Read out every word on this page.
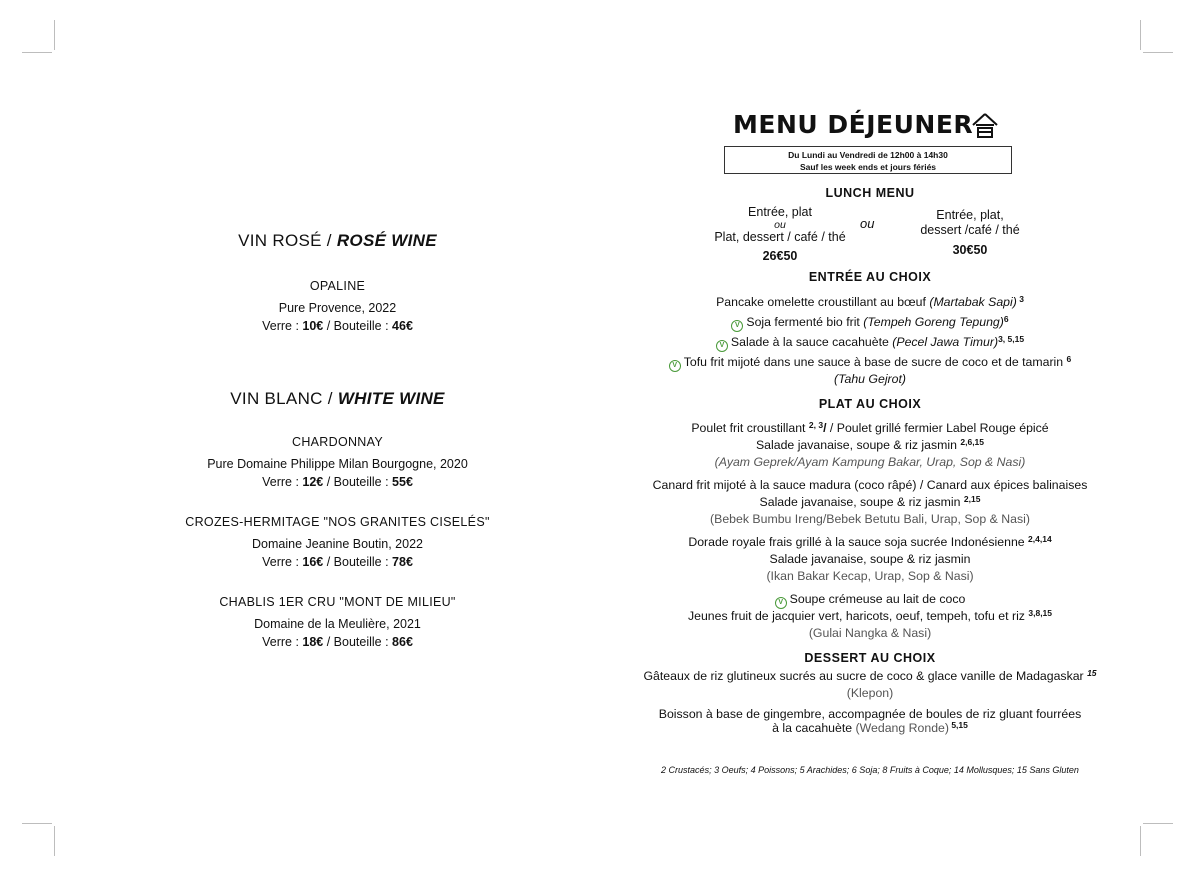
VIN ROSÉ / ROSÉ WINE
OPALINE
Pure Provence, 2022
Verre : 10€ / Bouteille : 46€
VIN BLANC / WHITE WINE
CHARDONNAY
Pure Domaine Philippe Milan Bourgogne, 2020
Verre : 12€ / Bouteille : 55€
CROZES-HERMITAGE "NOS GRANITES CISELÉS"
Domaine Jeanine Boutin, 2022
Verre : 16€ / Bouteille : 78€
CHABLIS 1ER CRU "MONT DE MILIEU"
Domaine de la Meulière, 2021
Verre : 18€ / Bouteille : 86€
MENU DÉJEUNER
Du Lundi au Vendredi de 12h00 à 14h30
Sauf les week ends et jours fériés
LUNCH MENU
Entrée, plat
ou
Plat, dessert / café / thé
26€50
ou
Entrée, plat,
dessert /café / thé
30€50
ENTRÉE AU CHOIX
Pancake omelette croustillant au bœuf (Martabak Sapi) $^3$
V Soja fermenté bio frit (Tempeh Goreng Tepung)$^6$
V Salade à la sauce cacahuète (Pecel Jawa Timur)$^{3, 5,15}$
V Tofu frit mijoté dans une sauce à base de sucre de coco et de tamarin $^6$
(Tahu Gejrot)
PLAT AU CHOIX
Poulet frit croustillant $^{2, 3}$/ / Poulet grillé fermier Label Rouge épicé
Salade javanaise, soupe & riz jasmin $^{2,6,15}$
(Ayam Geprek/Ayam Kampung Bakar, Urap, Sop & Nasi)
Canard frit mijoté à la sauce madura (coco râpé) / Canard aux épices balinaises
Salade javanaise, soupe & riz jasmin $^{2,15}$
(Bebek Bumbu Ireng/Bebek Betutu Bali, Urap, Sop & Nasi)
Dorade royale frais grillé à la sauce soja sucrée Indonésienne $^{2,4,14}$
Salade javanaise, soupe & riz jasmin
(Ikan Bakar Kecap, Urap, Sop & Nasi)
V Soupe crémeuse au lait de coco
Jeunes fruit de jacquier vert, haricots, oeuf, tempeh, tofu et riz $^{3,8,15}$
(Gulai Nangka & Nasi)
DESSERT AU CHOIX
Gâteaux de riz glutineux sucrés au sucre de coco & glace vanille de Madagaskar $^{15}$
(Klepon)
Boisson à base de gingembre, accompagnée de boules de riz gluant fourrées
à la cacahuète (Wedang Ronde) $^{5,15}$
2 Crustacés; 3 Oeufs; 4 Poissons; 5 Arachides; 6 Soja; 8 Fruits à Coque; 14 Mollusques; 15 Sans Gluten
